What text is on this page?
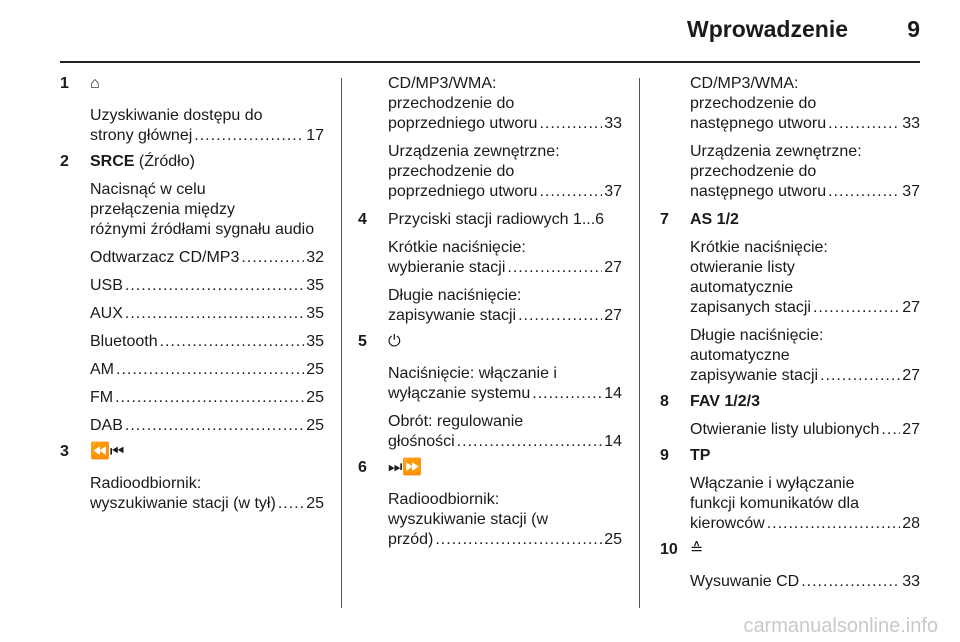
Wprowadzenie	9
1 ⌂
Uzyskiwanie dostępu do
strony głównej .....	17
2 SRCE (Źródło)
Nacisnąć w celu
przełączenia między
różnymi źródłami sygnału audio
Odtwarzacz CD/MP3 .....	32
USB .....	35
AUX .....	35
Bluetooth .....	35
AM .....	25
FM .....	25
DAB .....	25
3 ⏪⏮
Radioodbiornik:
wyszukiwanie stacji (w tył) ..... 25
CD/MP3/WMA:
przechodzenie do
poprzedniego utworu .....	33
Urządzenia zewnętrzne:
przechodzenie do
poprzedniego utworu .....	37
4 Przyciski stacji radiowych 1...6
Krótkie naciśnięcie:
wybieranie stacji .....	27
Długie naciśnięcie:
zapisywanie stacji .....	27
5 ⏻
Naciśnięcie: włączanie i
wyłączanie systemu .....	14
Obrót: regulowanie
głośności .....	14
6 ⏭⏩
Radioodbiornik:
wyszukiwanie stacji (w
przód) .....	25
CD/MP3/WMA:
przechodzenie do
następnego utworu .....	33
Urządzenia zewnętrzne:
przechodzenie do
następnego utworu .....	37
7 AS 1/2
Krótkie naciśnięcie:
otwieranie listy
automatycznie
zapisanych stacji .....	27
Długie naciśnięcie:
automatyczne
zapisywanie stacji .....	27
8 FAV 1/2/3
Otwieranie listy ulubionych ..... 27
9 TP
Włączanie i wyłączanie
funkcji komunikatów dla
kierowców .....	28
10 ≙
Wysuwanie CD .....	33
carmanualsonline.info
